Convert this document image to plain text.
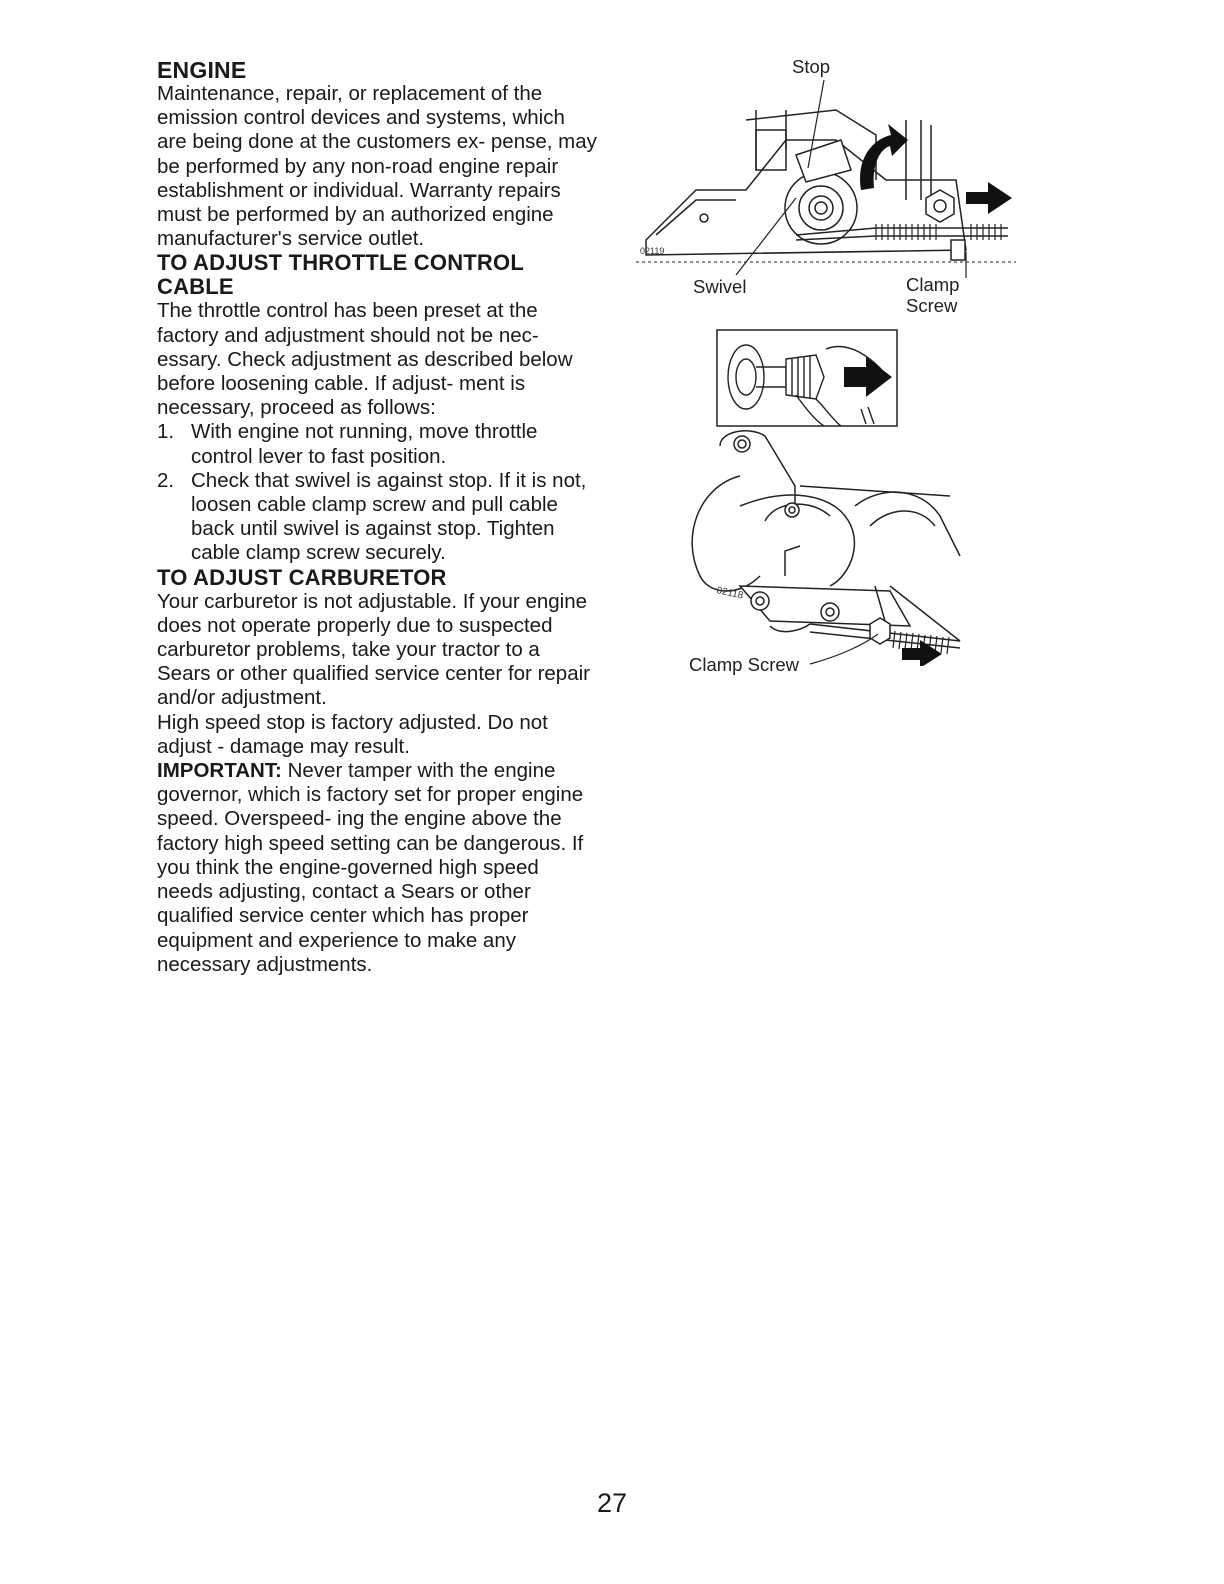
ENGINE

Maintenance, repair, or replacement of the emission control devices and systems, which are being done at the customers ex- pense, may be performed by any non-road engine repair establishment or individual. Warranty repairs must be performed by an authorized engine manufacturer's service outlet.

TO ADJUST THROTTLE CONTROL CABLE

The throttle control has been preset at the factory and adjustment should not be nec- essary. Check adjustment as described below before loosening cable. If adjust- ment is necessary, proceed as follows:

1. With engine not running, move throttle control lever to fast position.
2. Check that swivel is against stop. If it is not, loosen cable clamp screw and pull cable back until swivel is against stop. Tighten cable clamp screw securely.
TO ADJUST CARBURETOR

Your carburetor is not adjustable. If your engine does not operate properly due to suspected carburetor problems, take your tractor to a Sears or other qualified service center for repair and/or adjustment.

High speed stop is factory adjusted. Do not adjust - damage may result.

IMPORTANT: Never tamper with the engine governor, which is factory set for proper engine speed. Overspeed- ing the engine above the factory high speed setting can be dangerous. If you think the engine-governed high speed needs adjusting, contact a Sears or other qualified service center which has proper equipment and experience to make any necessary adjustments.

02119
Stop
Swivel	Clamp
Screw
02118
Clamp Screw
27
